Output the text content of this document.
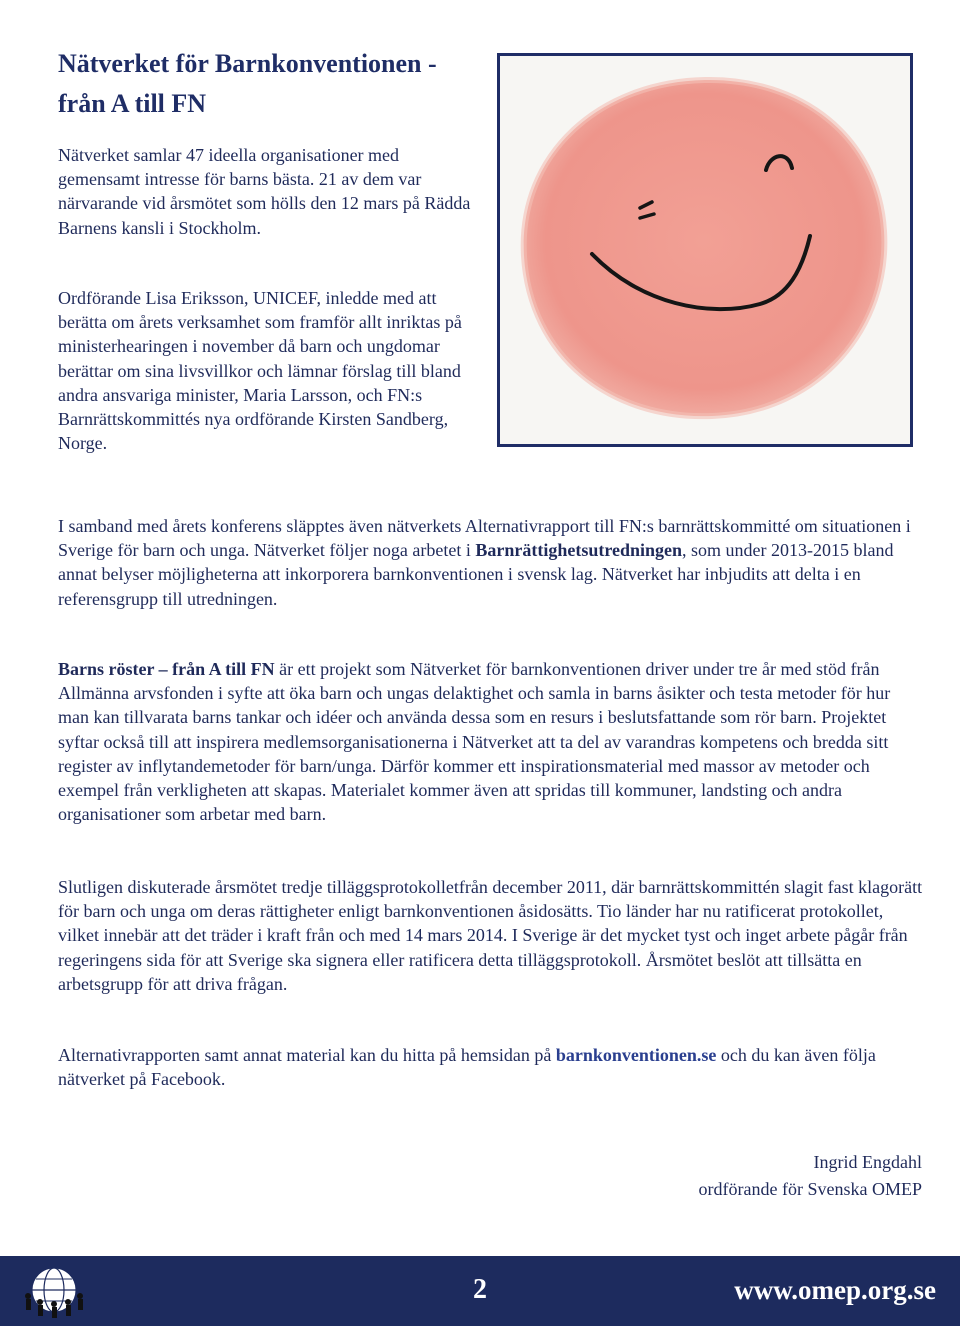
Nätverket för Barnkonventionen -
från A till FN

Nätverket samlar 47 ideella organisationer med gemensamt intresse för barns bästa. 21 av dem var närvarande vid årsmötet som hölls den 12 mars på Rädda Barnens kansli i Stockholm.

Ordförande Lisa Eriksson, UNICEF, inledde med att berätta om årets verksamhet som framför allt inriktas på ministerhearingen i november då barn och ungdomar berättar om sina livsvillkor och lämnar förslag till bland andra ansvariga minister, Maria Larsson, och FN:s Barnrättskommittés nya ordförande Kirsten Sandberg, Norge.

I samband med årets konferens släpptes även nätverkets Alternativrapport till FN:s barnrättskommitté om situationen i Sverige för barn och unga. Nätverket följer noga arbetet i Barnrättighetsutredningen, som under 2013-2015 bland annat belyser möjligheterna att inkorporera barnkonventionen i svensk lag. Nätverket har inbjudits att delta i en referensgrupp till utredningen.

Barns röster – från A till FN är ett projekt som Nätverket för barnkonventionen driver under tre år med stöd från Allmänna arvsfonden i syfte att öka barn och ungas delaktighet och samla in barns åsikter och testa metoder för hur man kan tillvarata barns tankar och idéer och använda dessa som en resurs i beslutsfattande som rör barn. Projektet syftar också till att inspirera medlemsorganisationerna i Nätverket att ta del av varandras kompetens och bredda sitt register av inflytandemetoder för barn/unga. Därför kommer ett inspirationsmaterial med massor av metoder och exempel från verkligheten att skapas. Materialet kommer även att spridas till kommuner, landsting och andra organisationer som arbetar med barn.

Slutligen diskuterade årsmötet tredje tilläggsprotokolletfrån december 2011, där barnrättskommittén slagit fast klagorätt för barn och unga om deras rättigheter enligt barnkonventionen åsidosätts. Tio länder har nu ratificerat protokollet, vilket innebär att det träder i kraft från och med 14 mars 2014. I Sverige är det mycket tyst och inget arbete pågår från regeringens sida för att Sverige ska signera eller ratificera detta tilläggsprotokoll. Årsmötet beslöt att tillsätta en arbetsgrupp för att driva frågan.

Alternativrapporten samt annat material kan du hitta på hemsidan på barnkonventionen.se och du kan även följa nätverket på Facebook.

Ingrid Engdahl
ordförande för Svenska OMEP

2	www.omep.org.se
